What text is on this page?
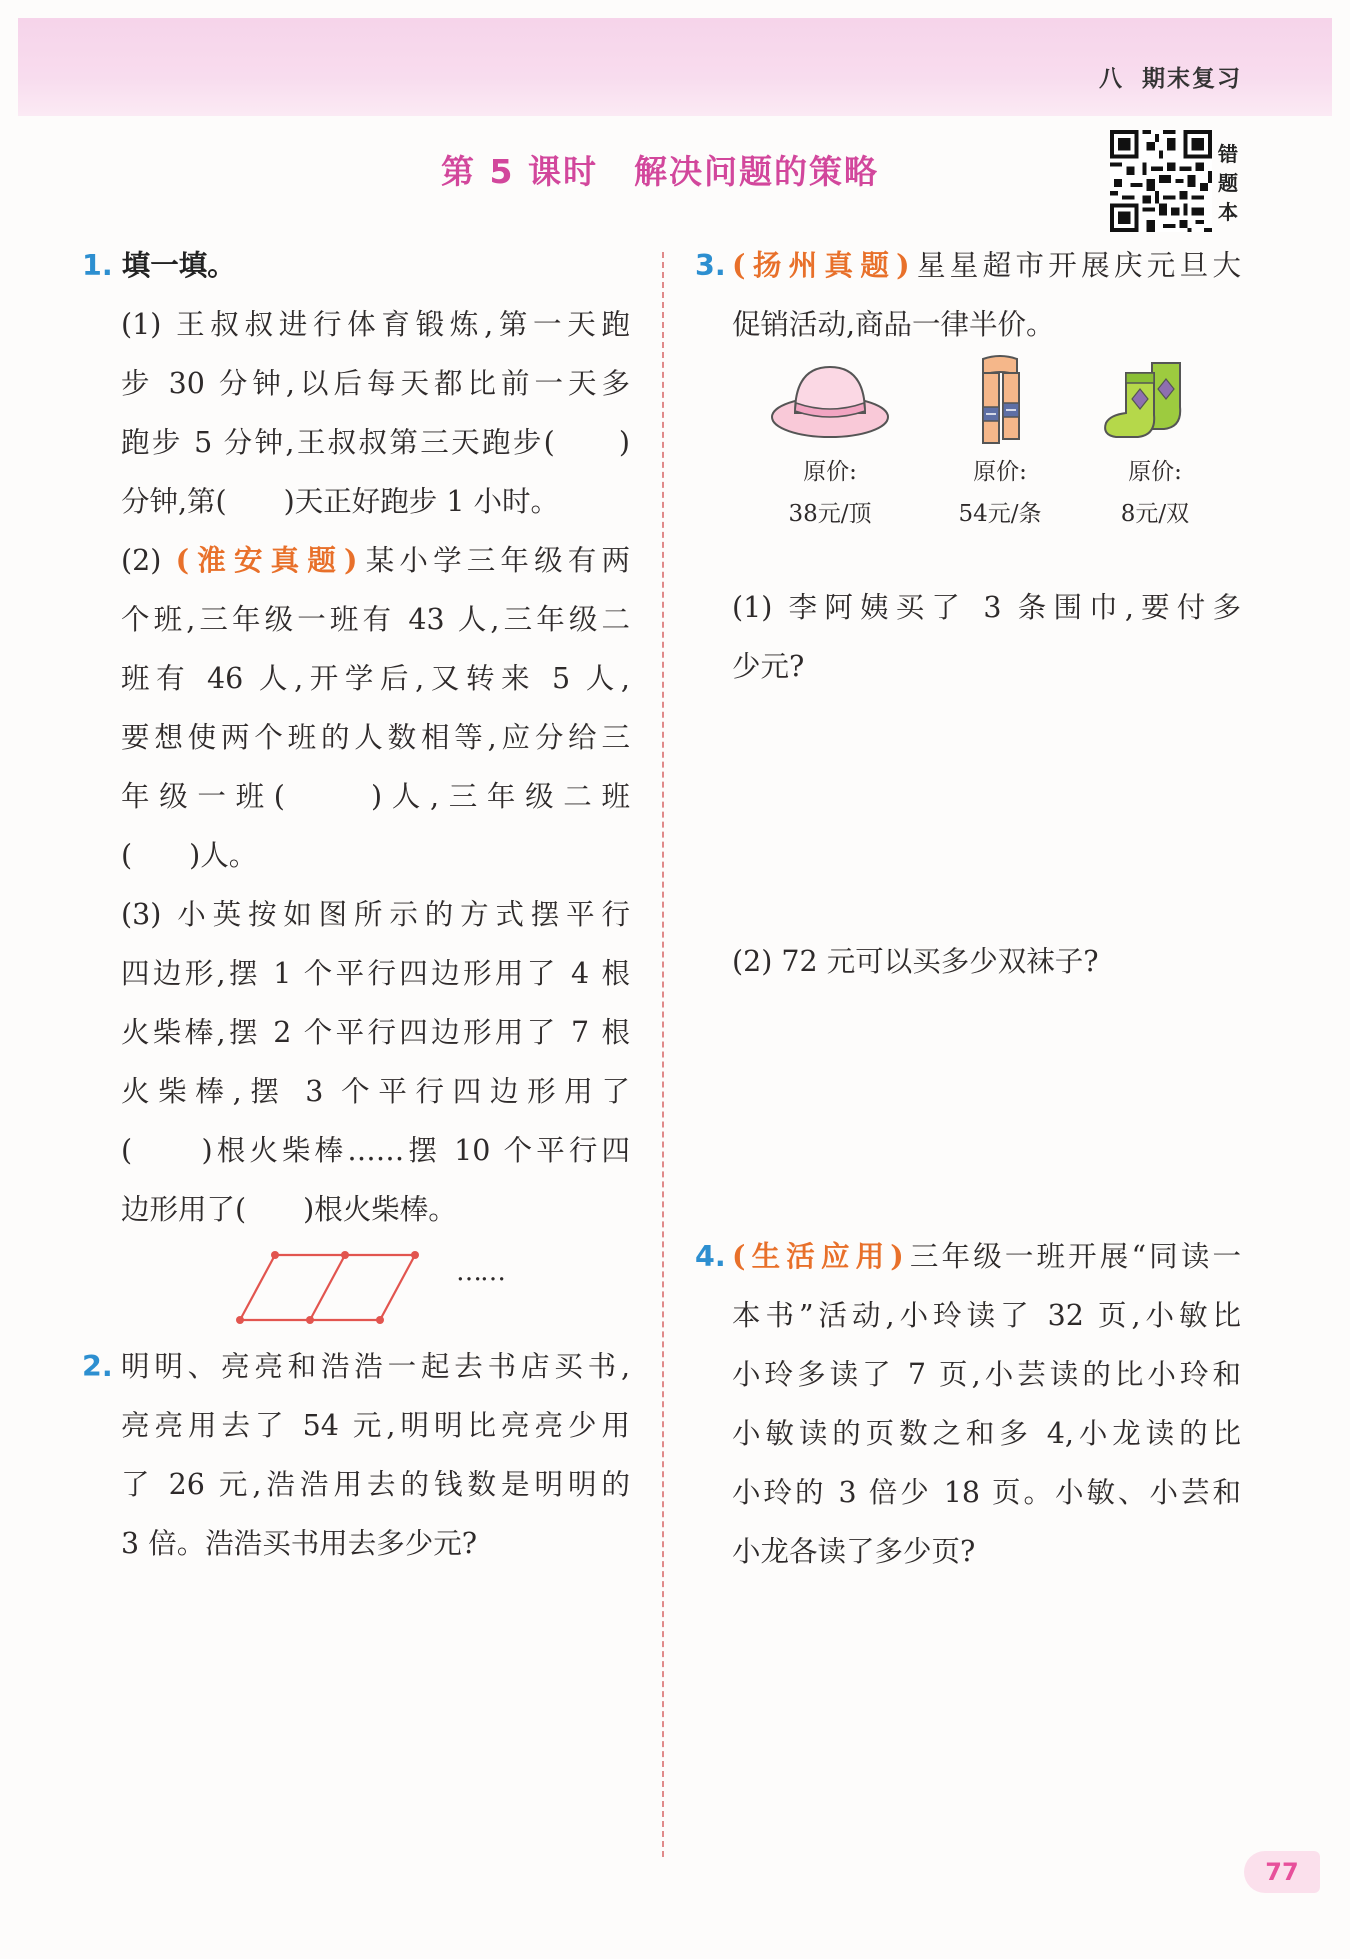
八 期末复习
第 5 课时 解决问题的策略	错
题
本

1. 填一填。

(1) 王叔叔进行体育锻炼,第一天跑

步 30 分钟,以后每天都比前一天多

跑步 5 分钟,王叔叔第三天跑步(　　)

分钟,第(　　)天正好跑步 1 小时。

(2) (淮安真题)某小学三年级有两

个班,三年级一班有 43 人,三年级二

班有 46 人,开学后,又转来 5 人,

要想使两个班的人数相等,应分给三

年级一班(　　)人,三年级二班

(　　)人。

(3) 小英按如图所示的方式摆平行

四边形,摆 1 个平行四边形用了 4 根

火柴棒,摆 2 个平行四边形用了 7 根

火柴棒,摆 3 个平行四边形用了

(　　)根火柴棒……摆 10 个平行四

边形用了(　　)根火柴棒。

……
2. 明明、亮亮和浩浩一起去书店买书,

亮亮用去了 54 元,明明比亮亮少用

了 26 元,浩浩用去的钱数是明明的

3 倍。浩浩买书用去多少元?

3. (扬州真题)星星超市开展庆元旦大

促销活动,商品一律半价。

原价:
38元/顶
原价:
54元/条
原价:
8元/双

(1) 李阿姨买了 3 条围巾,要付多

少元?

(2) 72 元可以买多少双袜子?

4. (生活应用)三年级一班开展“同读一

本书”活动,小玲读了 32 页,小敏比

小玲多读了 7 页,小芸读的比小玲和

小敏读的页数之和多 4,小龙读的比

小玲的 3 倍少 18 页。小敏、小芸和

小龙各读了多少页?

77
